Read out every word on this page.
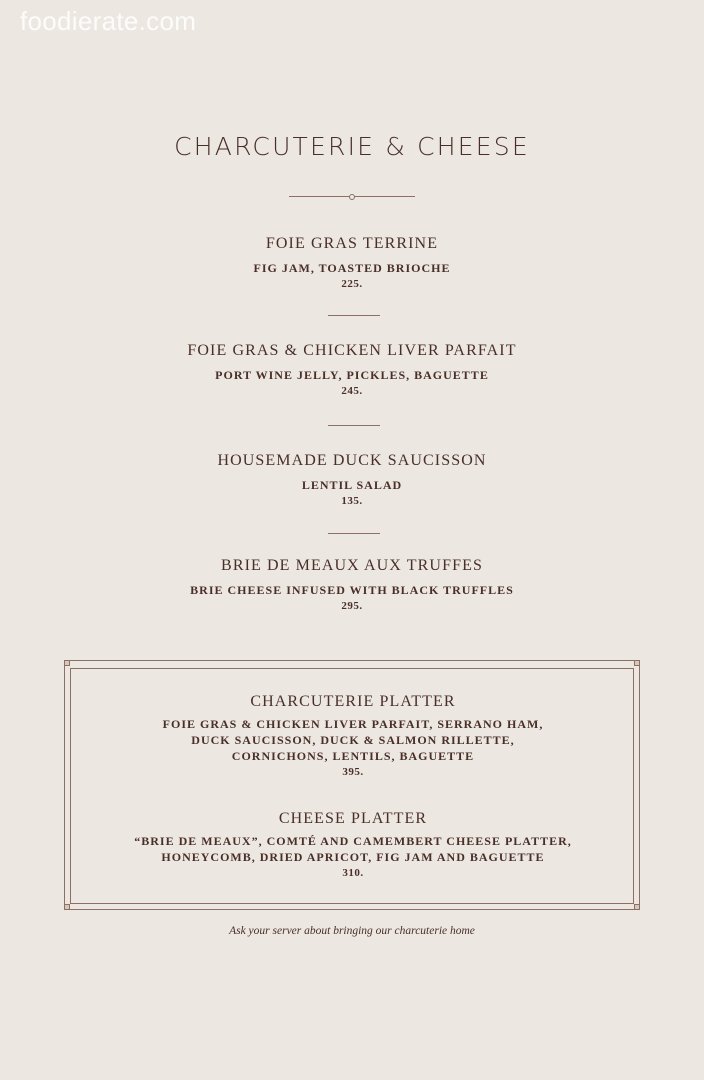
foodierate.com
CHARCUTERIE & CHEESE
FOIE GRAS TERRINE
FIG JAM, TOASTED BRIOCHE
225.
FOIE GRAS & CHICKEN LIVER PARFAIT
PORT WINE JELLY, PICKLES, BAGUETTE
245.
HOUSEMADE DUCK SAUCISSON
LENTIL SALAD
135.
BRIE DE MEAUX AUX TRUFFES
BRIE CHEESE INFUSED WITH BLACK TRUFFLES
295.
CHARCUTERIE PLATTER
FOIE GRAS & CHICKEN LIVER PARFAIT, SERRANO HAM,
DUCK SAUCISSON, DUCK & SALMON RILLETTE,
CORNICHONS, LENTILS, BAGUETTE
395.
CHEESE PLATTER
“BRIE DE MEAUX”, COMTÉ AND CAMEMBERT CHEESE PLATTER,
HONEYCOMB, DRIED APRICOT, FIG JAM AND BAGUETTE
310.
Ask your server about bringing our charcuterie home
